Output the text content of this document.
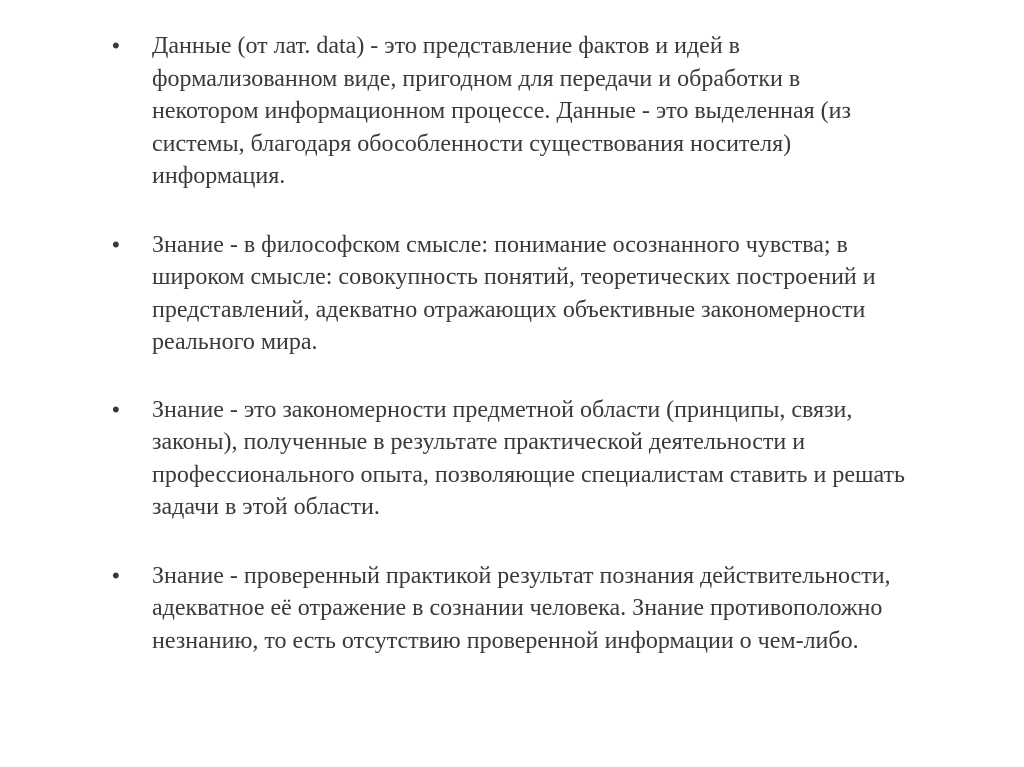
• Данные (от лат. data) - это представление фактов и идей в
формализованном виде, пригодном для передачи и обработки в
некотором информационном процессе. Данные - это выделенная (из
системы, благодаря обособленности существования носителя)
информация.
• Знание - в философском смысле: понимание осознанного чувства; в
широком смысле: совокупность понятий, теоретических построений и
представлений, адекватно отражающих объективные закономерности
реального мира.
• Знание - это закономерности предметной области (принципы, связи,
законы), полученные в результате практической деятельности и
профессионального опыта, позволяющие специалистам ставить и решать
задачи в этой области.
• Знание - проверенный практикой результат познания действительности,
адекватное её отражение в сознании человека. Знание противоположно
незнанию, то есть отсутствию проверенной информации о чем-либо.
